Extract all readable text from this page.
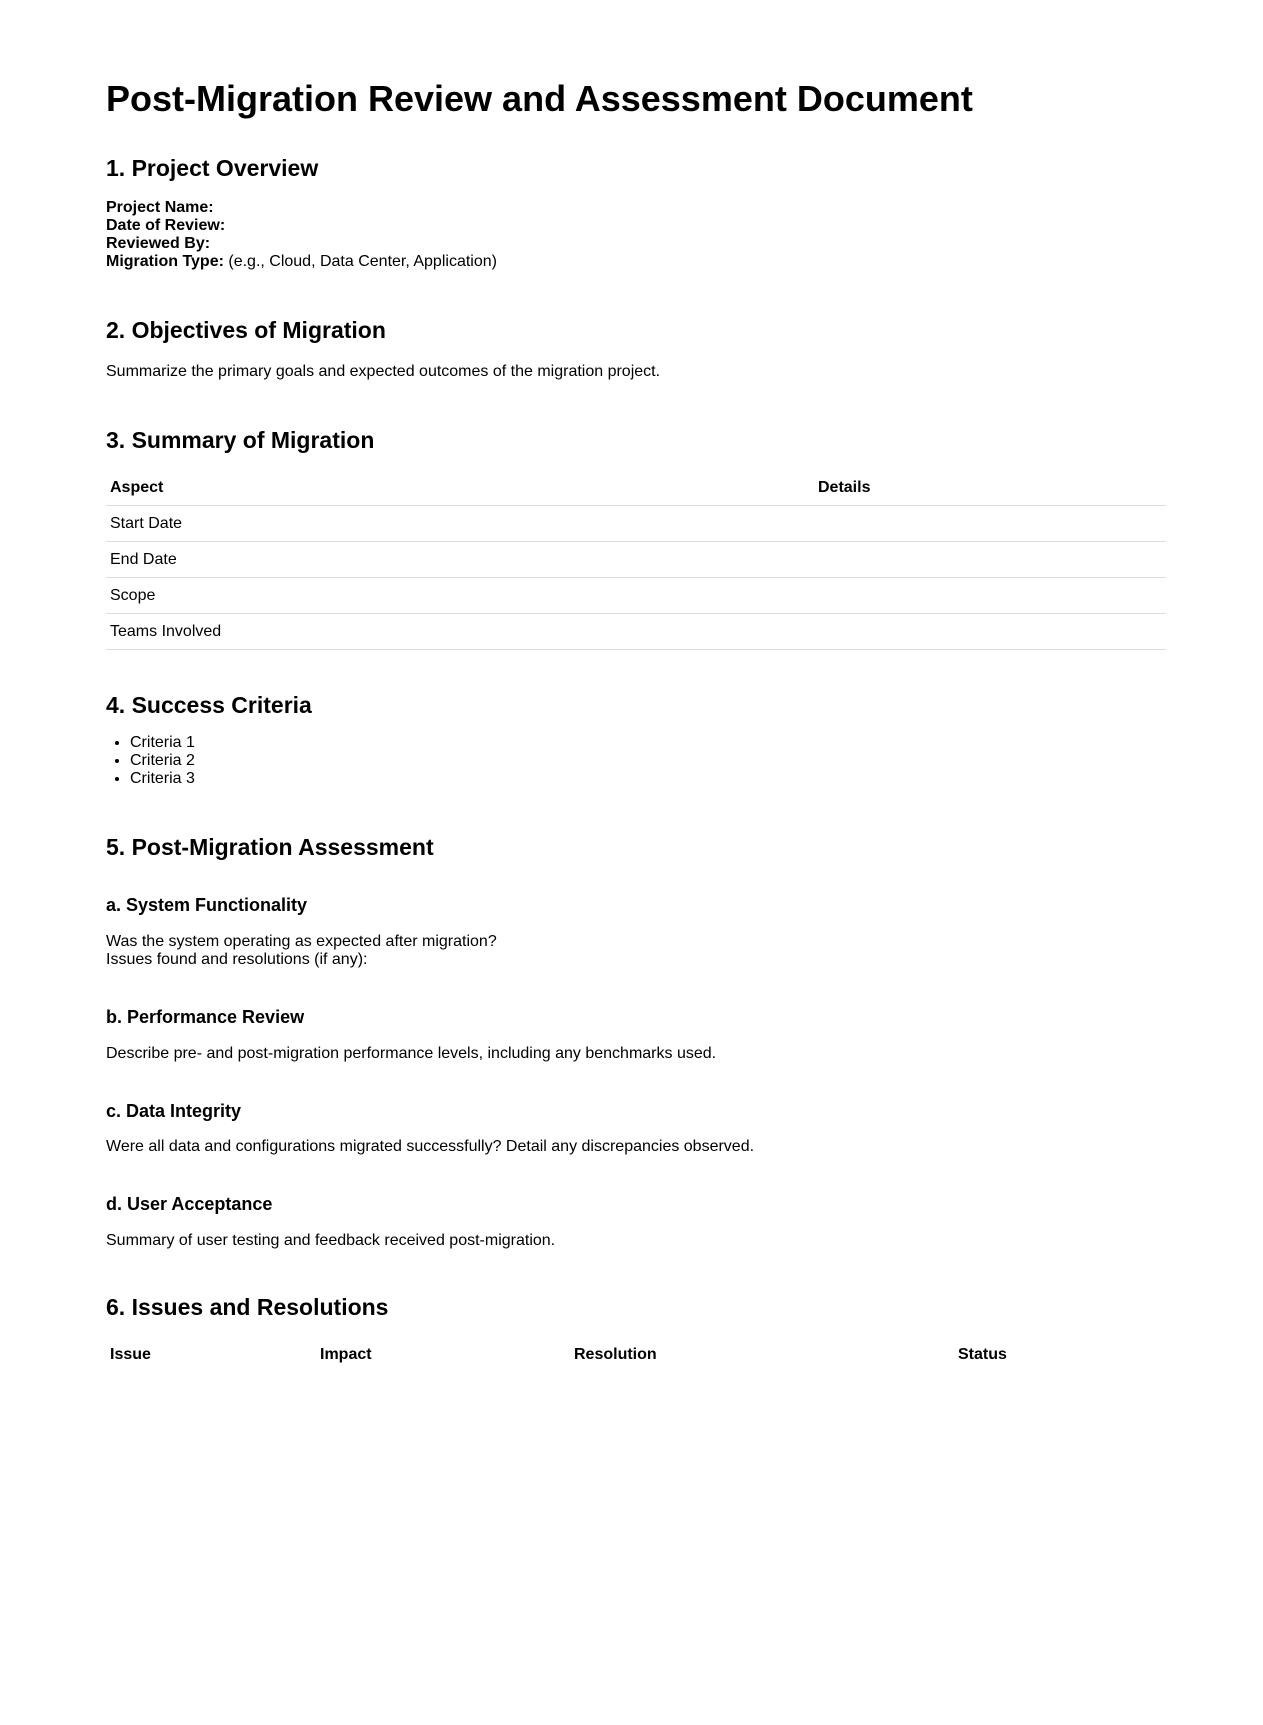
Post-Migration Review and Assessment Document
1. Project Overview
Project Name:
Date of Review:
Reviewed By:
Migration Type: (e.g., Cloud, Data Center, Application)
2. Objectives of Migration

Summarize the primary goals and expected outcomes of the migration project.

3. Summary of Migration
Aspect	Details
Start Date	
End Date	
Scope	
Teams Involved	
4. Success Criteria
• Criteria 1
• Criteria 2
• Criteria 3
5. Post-Migration Assessment
a. System Functionality

Was the system operating as expected after migration?

Issues found and resolutions (if any):

b. Performance Review

Describe pre- and post-migration performance levels, including any benchmarks used.

c. Data Integrity

Were all data and configurations migrated successfully? Detail any discrepancies observed.

d. User Acceptance

Summary of user testing and feedback received post-migration.

6. Issues and Resolutions
Issue	Impact	Resolution	Status
